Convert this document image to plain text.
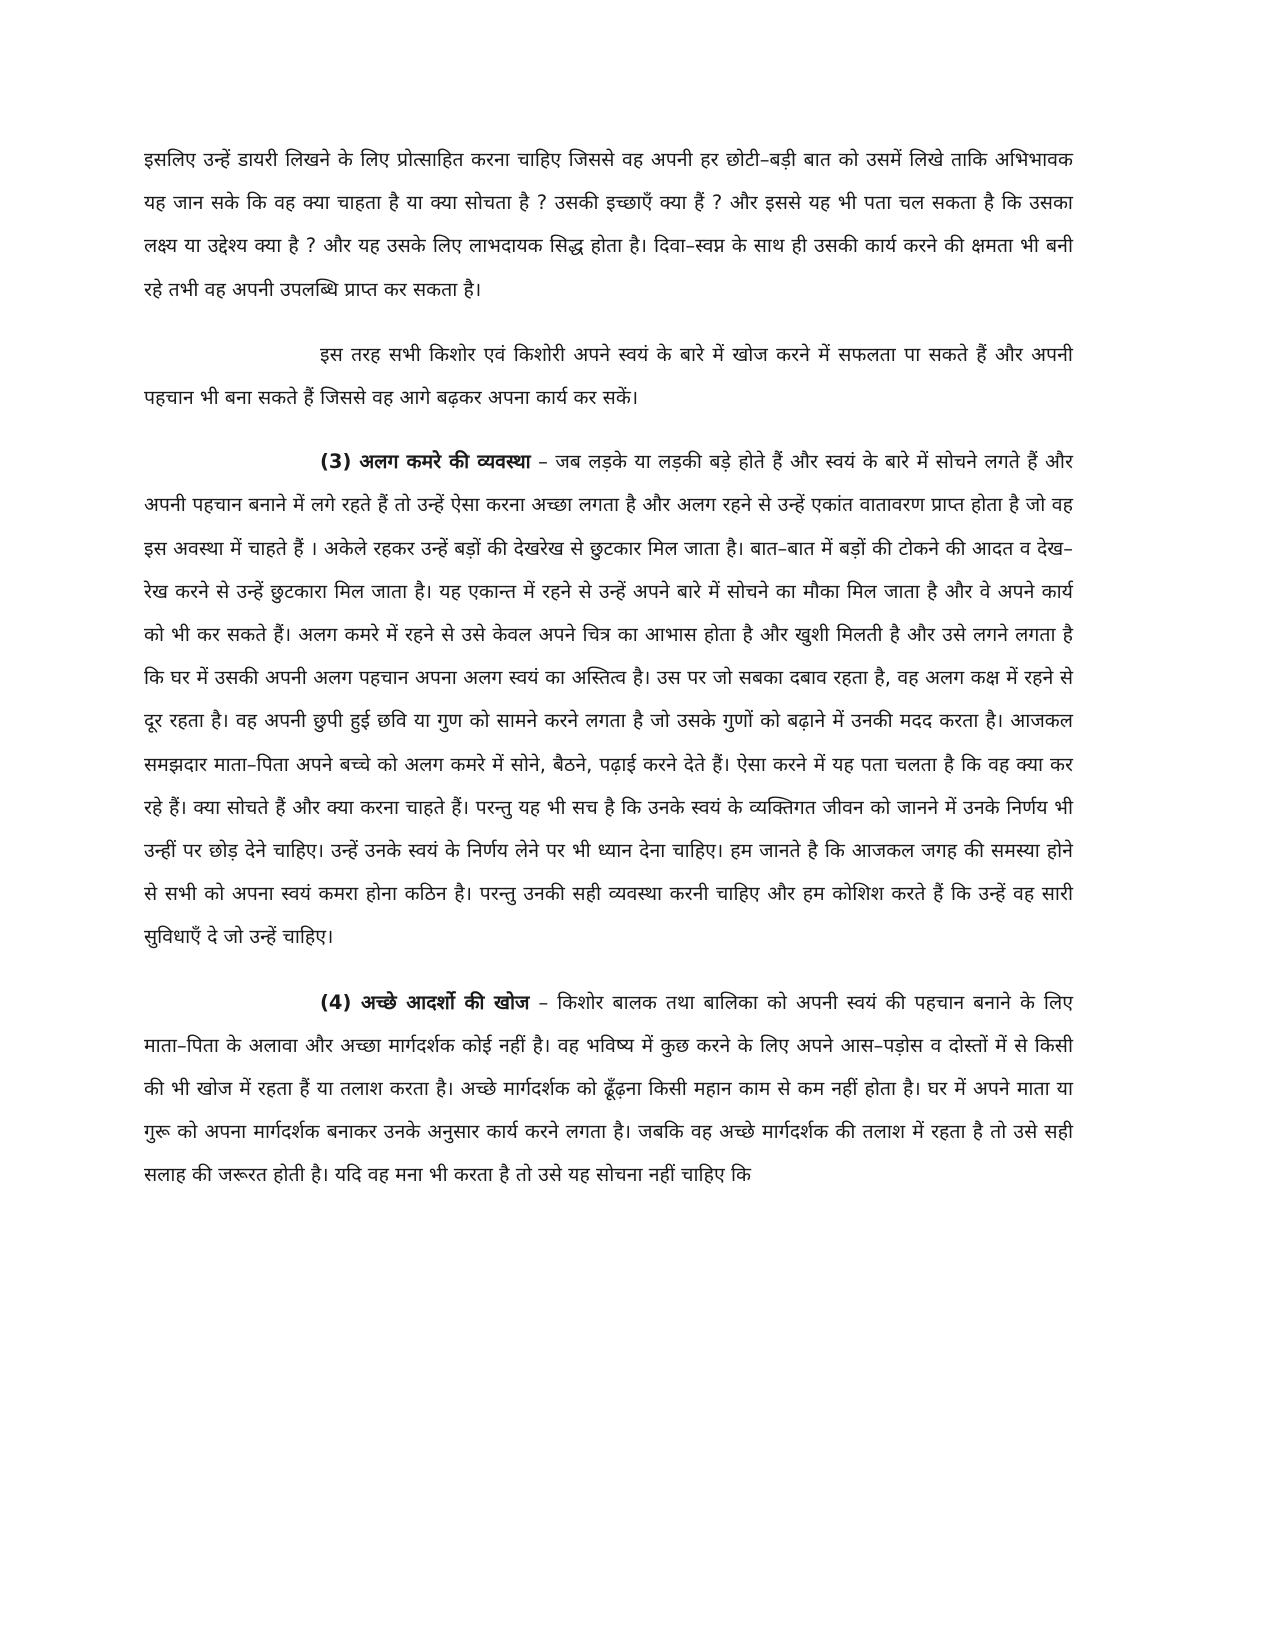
इसलिए उन्हें डायरी लिखने के लिए प्रोत्साहित करना चाहिए जिससे वह अपनी हर छोटी–बड़ी बात को उसमें लिखे ताकि अभिभावक यह जान सके कि वह क्या चाहता है या क्या सोचता है ? उसकी इच्छाएँ क्या हैं ? और इससे यह भी पता चल सकता है कि उसका लक्ष्य या उद्देश्य क्या है ? और यह उसके लिए लाभदायक सिद्ध होता है। दिवा–स्वप्न के साथ ही उसकी कार्य करने की क्षमता भी बनी रहे तभी वह अपनी उपलब्धि प्राप्त कर सकता है।

इस तरह सभी किशोर एवं किशोरी अपने स्वयं के बारे में खोज करने में सफलता पा सकते हैं और अपनी पहचान भी बना सकते हैं जिससे वह आगे बढ़कर अपना कार्य कर सकें।

(3) अलग कमरे की व्यवस्था – जब लड़के या लड़की बड़े होते हैं और स्वयं के बारे में सोचने लगते हैं और अपनी पहचान बनाने में लगे रहते हैं तो उन्हें ऐसा करना अच्छा लगता है और अलग रहने से उन्हें एकांत वातावरण प्राप्त होता है जो वह इस अवस्था में चाहते हैं । अकेले रहकर उन्हें बड़ों की देखरेख से छुटकार मिल जाता है। बात–बात में बड़ों की टोकने की आदत व देख–रेख करने से उन्हें छुटकारा मिल जाता है। यह एकान्त में रहने से उन्हें अपने बारे में सोचने का मौका मिल जाता है और वे अपने कार्य को भी कर सकते हैं। अलग कमरे में रहने से उसे केवल अपने चित्र का आभास होता है और खुशी मिलती है और उसे लगने लगता है कि घर में उसकी अपनी अलग पहचान अपना अलग स्वयं का अस्तित्व है। उस पर जो सबका दबाव रहता है, वह अलग कक्ष में रहने से दूर रहता है। वह अपनी छुपी हुई छवि या गुण को सामने करने लगता है जो उसके गुणों को बढ़ाने में उनकी मदद करता है। आजकल समझदार माता–पिता अपने बच्चे को अलग कमरे में सोने, बैठने, पढ़ाई करने देते हैं। ऐसा करने में यह पता चलता है कि वह क्या कर रहे हैं। क्या सोचते हैं और क्या करना चाहते हैं। परन्तु यह भी सच है कि उनके स्वयं के व्यक्तिगत जीवन को जानने में उनके निर्णय भी उन्हीं पर छोड़ देने चाहिए। उन्हें उनके स्वयं के निर्णय लेने पर भी ध्यान देना चाहिए। हम जानते है कि आजकल जगह की समस्या होने से सभी को अपना स्वयं कमरा होना कठिन है। परन्तु उनकी सही व्यवस्था करनी चाहिए और हम कोशिश करते हैं कि उन्हें वह सारी सुविधाएँ दे जो उन्हें चाहिए।

(4) अच्छे आदर्शो की खोज – किशोर बालक तथा बालिका को अपनी स्वयं की पहचान बनाने के लिए माता–पिता के अलावा और अच्छा मार्गदर्शक कोई नहीं है। वह भविष्य में कुछ करने के लिए अपने आस–पड़ोस व दोस्तों में से किसी की भी खोज में रहता हैं या तलाश करता है। अच्छे मार्गदर्शक को ढूँढ़ना किसी महान काम से कम नहीं होता है। घर में अपने माता या गुरू को अपना मार्गदर्शक बनाकर उनके अनुसार कार्य करने लगता है। जबकि वह अच्छे मार्गदर्शक की तलाश में रहता है तो उसे सही सलाह की जरूरत होती है। यदि वह मना भी करता है तो उसे यह सोचना नहीं चाहिए कि
